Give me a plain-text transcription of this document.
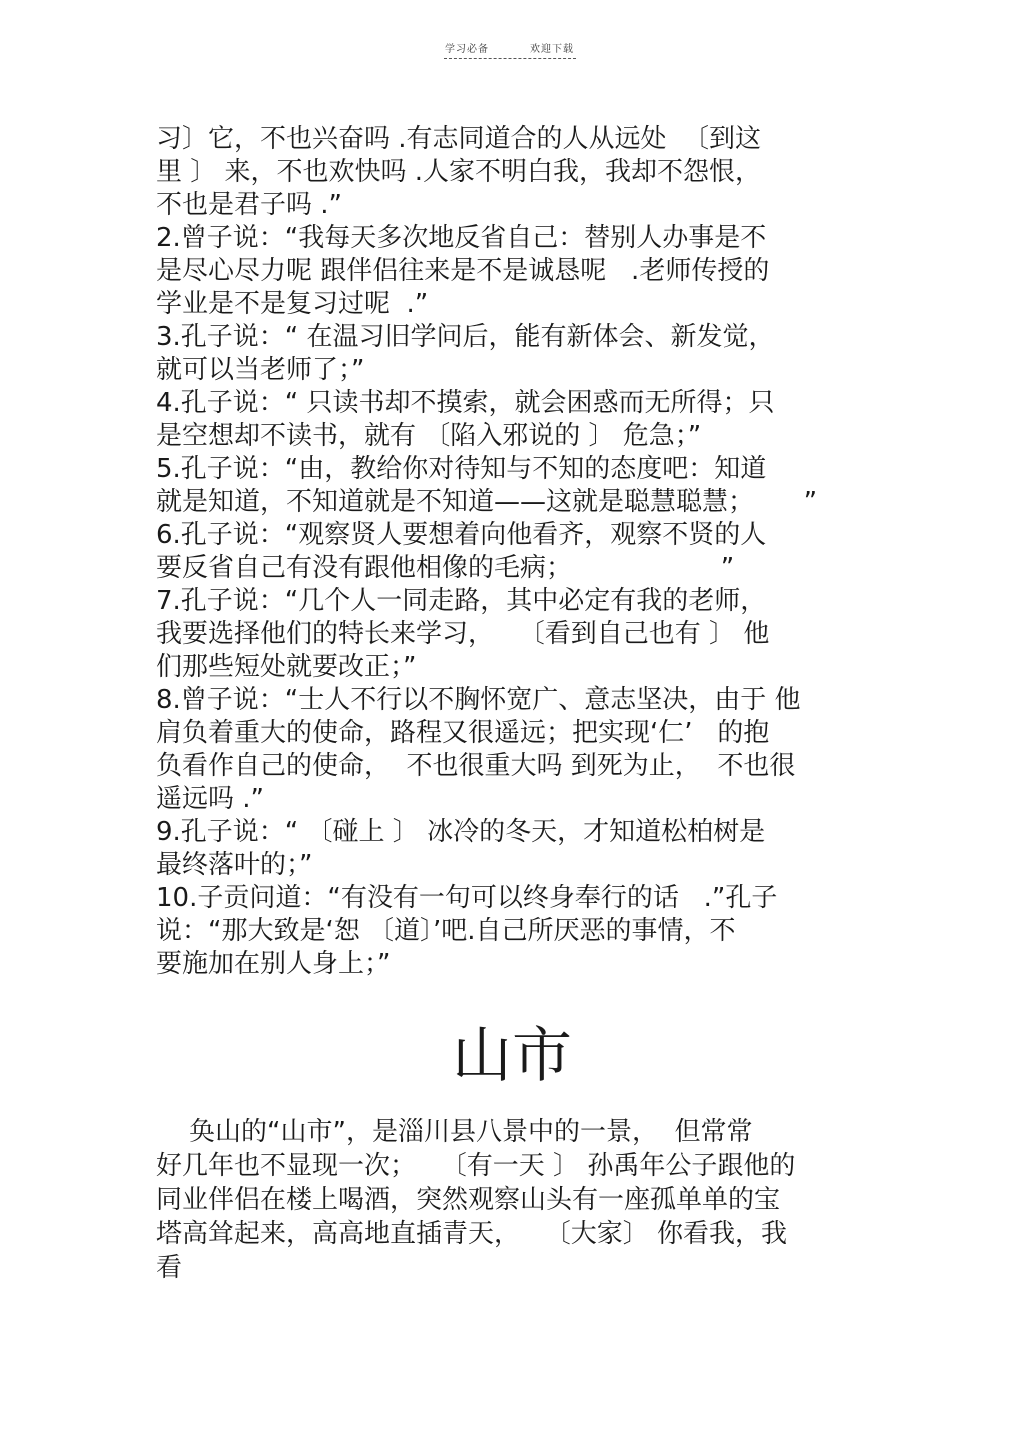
学习必备	欢迎下载
习〕它，不也兴奋吗 .有志同道合的人从远处  〔到这
里 〕 来，不也欢快吗 .人家不明白我，我却不怨恨，
不也是君子吗 .”
2.曾子说：“我每天多次地反省自己：替别人办事是不
是尽心尽力呢 跟伴侣往来是不是诚恳呢   .老师传授的
学业是不是复习过呢  .”
3.孔子说：“ 在温习旧学问后，能有新体会、新发觉，
就可以当老师了；”
4.孔子说：“ 只读书却不摸索，就会困惑而无所得；只
是空想却不读书，就有 〔陷入邪说的 〕 危急；”
5.孔子说：“由，教给你对待知与不知的态度吧：知道
就是知道，不知道就是不知道——这就是聪慧聪慧；      ”
6.孔子说：“观察贤人要想着向他看齐，观察不贤的人
要反省自己有没有跟他相像的毛病；                  ”
7.孔子说：“几个人一同走路，其中必定有我的老师，
我要选择他们的特长来学习，   〔看到自己也有 〕 他
们那些短处就要改正；”
8.曾子说：“士人不行以不胸怀宽广、意志坚决，由于 他
肩负着重大的使命，路程又很遥远；把实现‘仁’   的抱
负看作自己的使命，  不也很重大吗 到死为止，  不也很
遥远吗 .”
9.孔子说：“ 〔碰上 〕 冰冷的冬天，才知道松柏树是
最终落叶的；”
10.子贡问道：“有没有一句可以终身奉行的话   .”孔子
说：“那大致是‘恕 〔道〕’吧.自己所厌恶的事情，不
要施加在别人身上；”
山市
奂山的“山市”，是淄川县八景中的一景，  但常常
好几年也不显现一次；   〔有一天 〕 孙禹年公子跟他的
同业伴侣在楼上喝酒，突然观察山头有一座孤单单的宝
塔高耸起来，高高地直插青天，   〔大家〕 你看我，我
看
